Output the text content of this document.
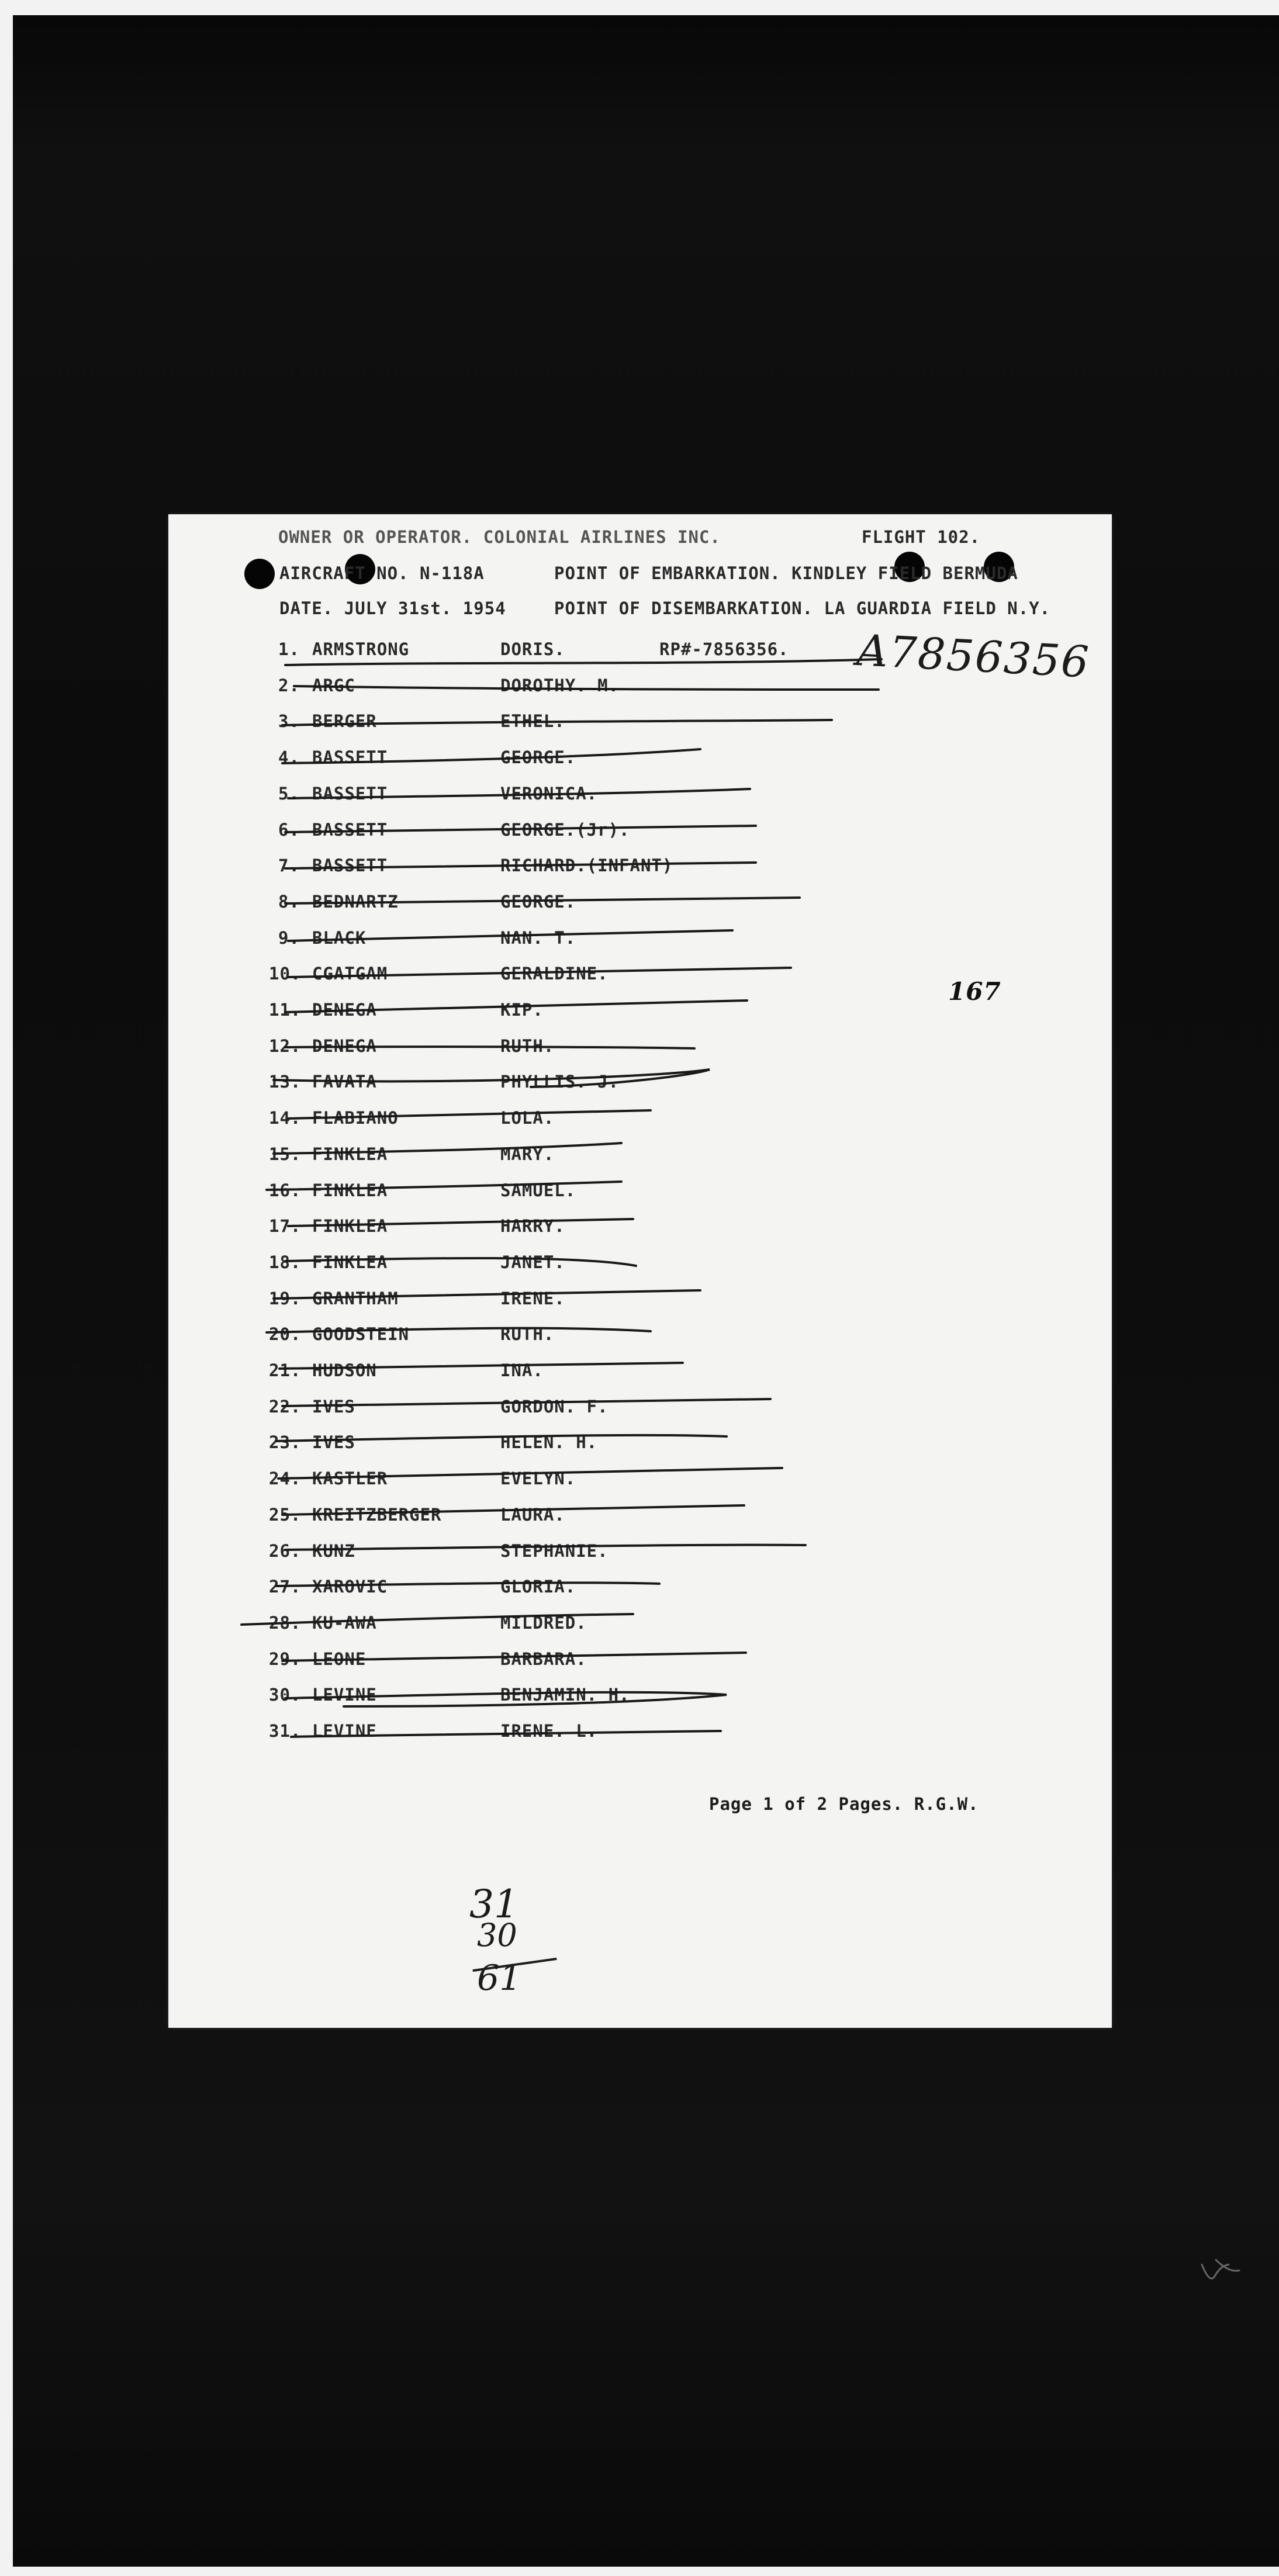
OWNER OR OPERATOR. COLONIAL AIRLINES INC.	FLIGHT 102.
AIRCRAFT NO. N-118A	POINT OF EMBARKATION. KINDLEY FIELD BERMUDA
DATE. JULY 31st. 1954	POINT OF DISEMBARKATION. LA GUARDIA FIELD N.Y.
A7856356
167
Page 1 of 2 Pages. R.G.W.
31
30
61
1. ARMSTRONG	DORIS.	RP#-7856356.
2. ARGC	DOROTHY. M.
3. BERGER	ETHEL.
4. BASSETT	GEORGE.
5. BASSETT	VERONICA.
6. BASSETT	GEORGE.(Jr).
7. BASSETT	RICHARD.(INFANT)
8. BEDNARTZ	GEORGE.
9. BLACK	NAN. T.
10. CGATGAM	GERALDINE.
11. DENEGA	KIP.
12. DENEGA	RUTH.
13. FAVATA	PHYLLIS. J.
14. FLABIANO	LOLA.
15. FINKLEA	MARY.
16. FINKLEA	SAMUEL.
17. FINKLEA	HARRY.
18. FINKLEA	JANET.
19. GRANTHAM	IRENE.
20. GOODSTEIN	RUTH.
21. HUDSON	INA.
22. IVES	GORDON. F.
23. IVES	HELEN. H.
24. KASTLER	EVELYN.
25. KREITZBERGER	LAURA.
26. KUNZ	STEPHANIE.
27. XAROVIC	GLORIA.
28. KU-AWA	MILDRED.
29. LEONE	BARBARA.
30. LEVINE	BENJAMIN. H.
31. LEVINE	IRENE. L.
